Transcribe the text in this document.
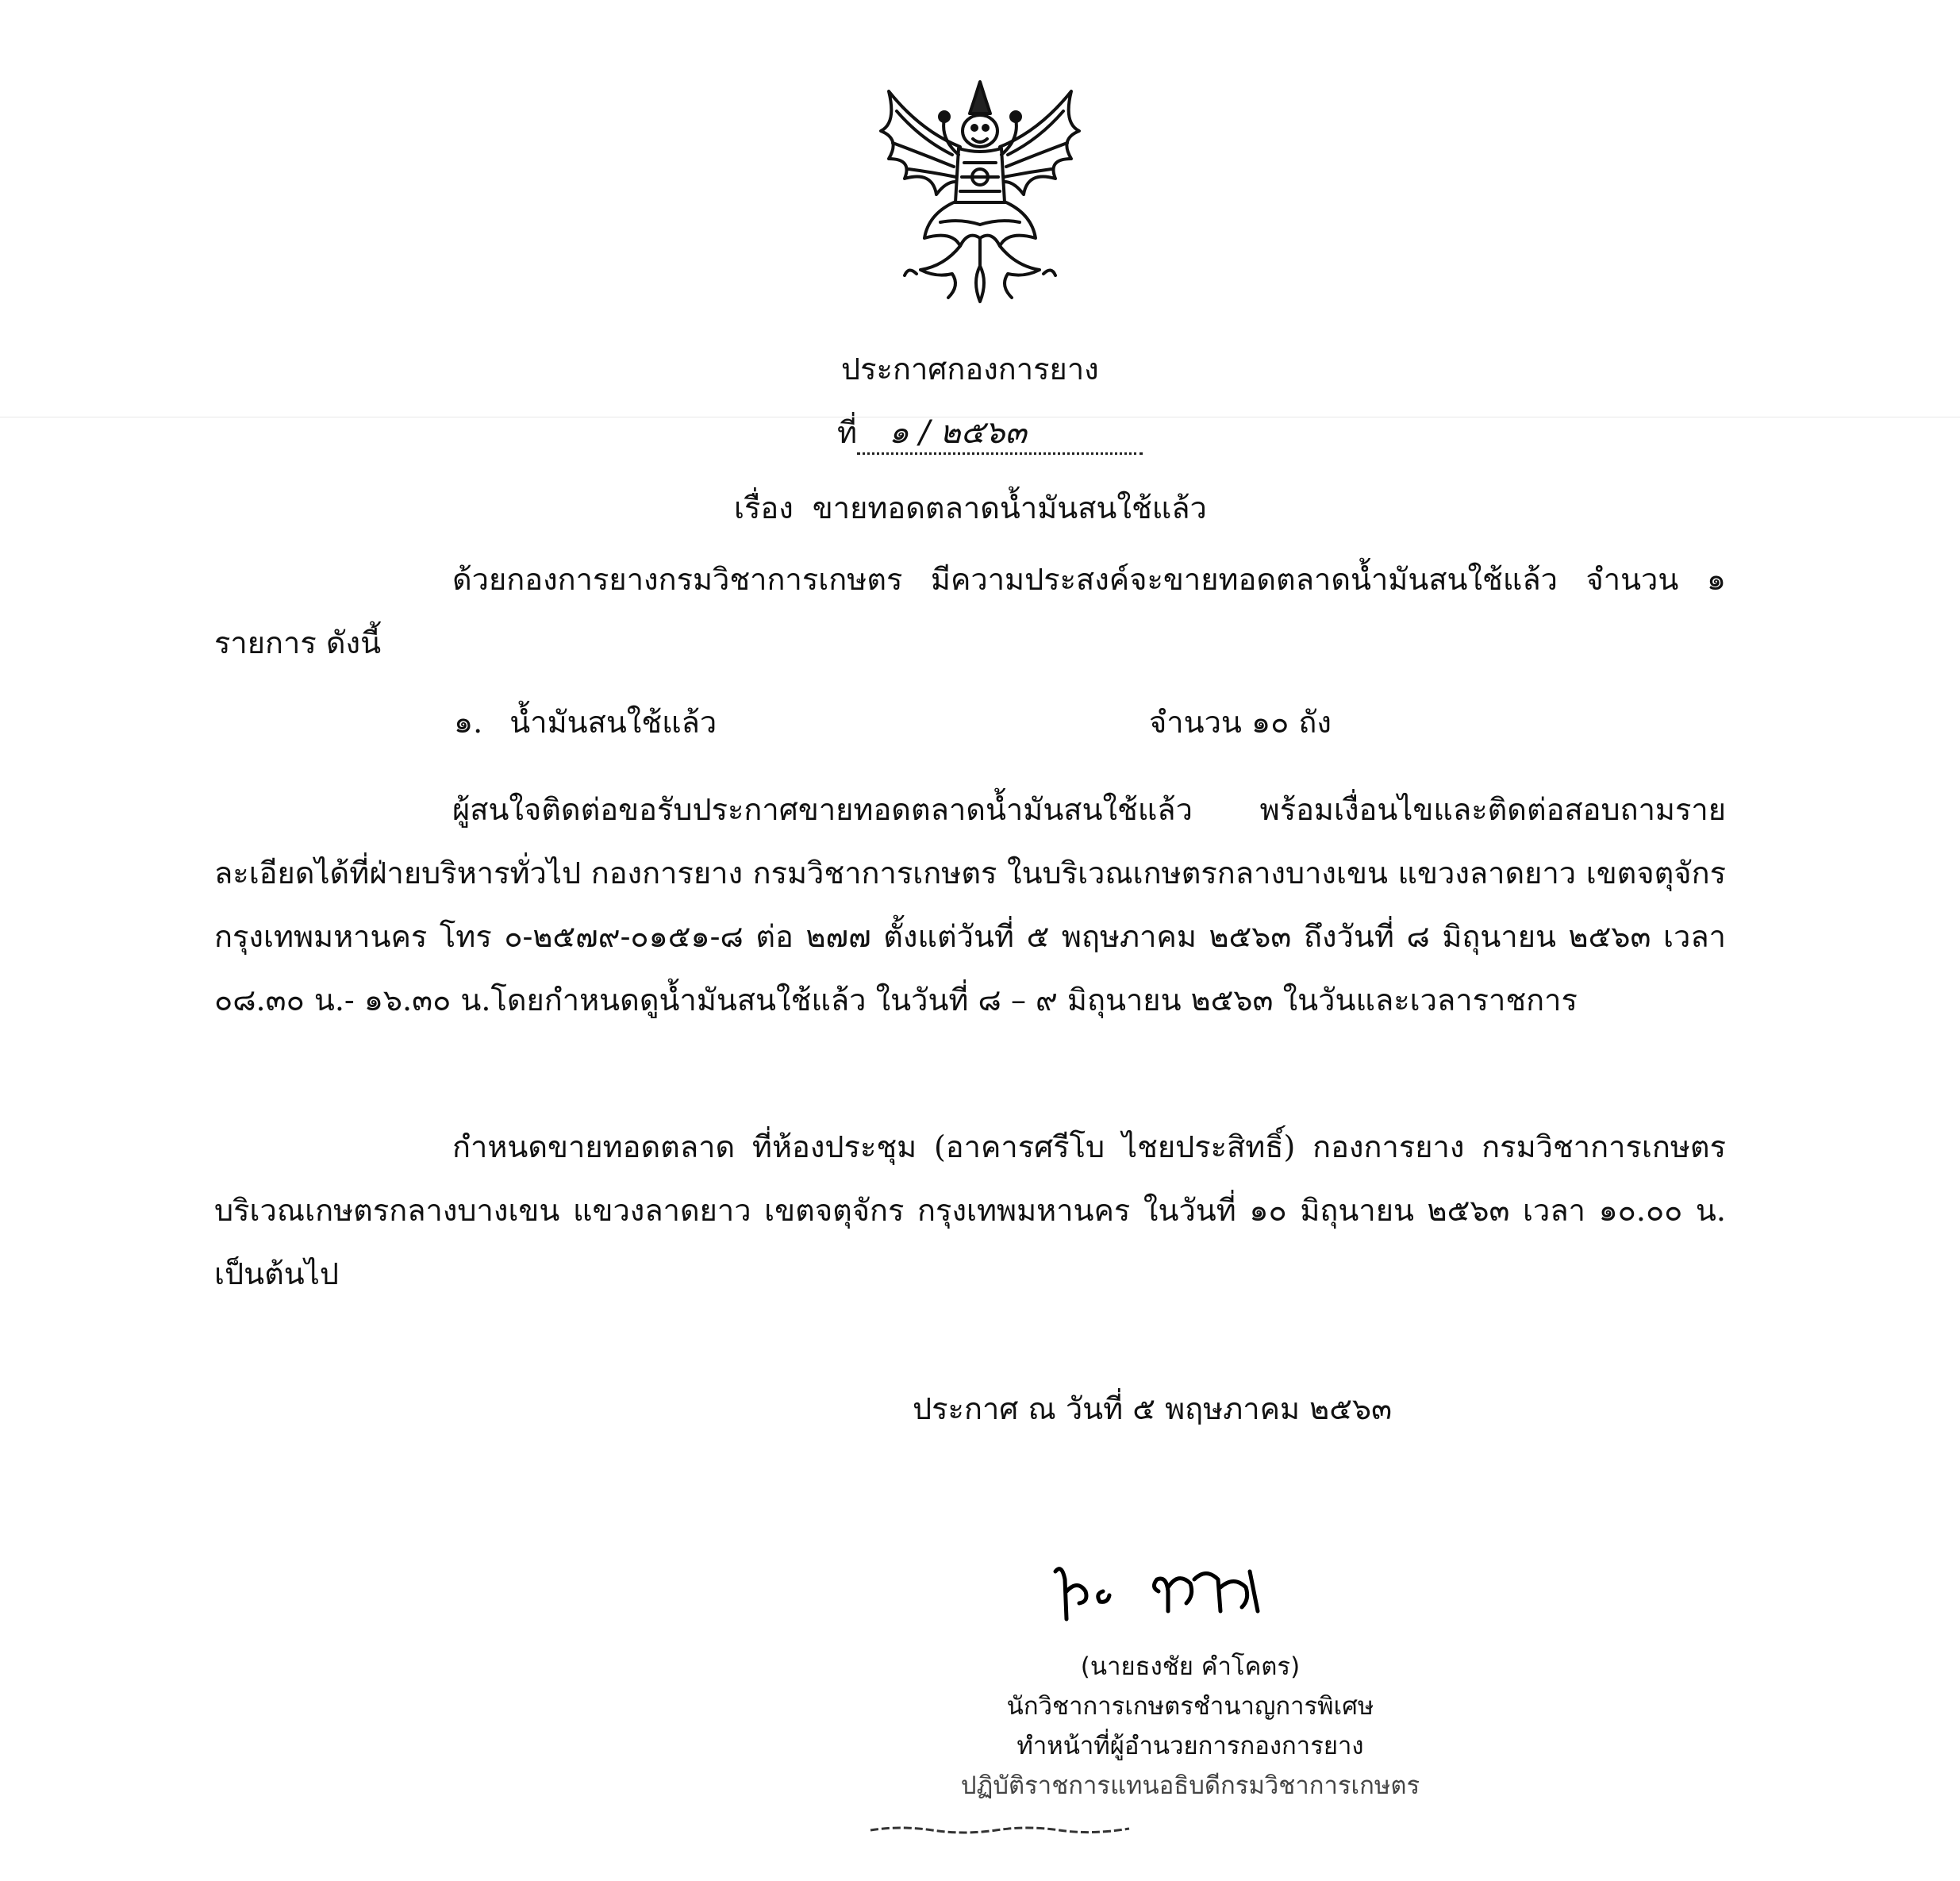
ประกาศกองการยาง
ที่ ๑ / ๒๕๖๓
เรื่อง ขายทอดตลาดน้ำมันสนใช้แล้ว
ด้วยกองการยางกรมวิชาการเกษตร มีความประสงค์จะขายทอดตลาดน้ำมันสนใช้แล้ว จำนวน ๑ รายการ ดังนี้
๑. น้ำมันสนใช้แล้ว	จำนวน ๑๐ ถัง
ผู้สนใจติดต่อขอรับประกาศขายทอดตลาดน้ำมันสนใช้แล้ว พร้อมเงื่อนไขและติดต่อสอบถามรายละเอียดได้ที่ฝ่ายบริหารทั่วไป กองการยาง กรมวิชาการเกษตร ในบริเวณเกษตรกลางบางเขน แขวงลาดยาว เขตจตุจักร กรุงเทพมหานคร โทร ๐-๒๕๗๙-๐๑๕๑-๘ ต่อ ๒๗๗ ตั้งแต่วันที่ ๕ พฤษภาคม ๒๕๖๓ ถึงวันที่ ๘ มิถุนายน ๒๕๖๓ เวลา ๐๘.๓๐ น.- ๑๖.๓๐ น.โดยกำหนดดูน้ำมันสนใช้แล้ว ในวันที่ ๘ – ๙ มิถุนายน ๒๕๖๓ ในวันและเวลาราชการ
กำหนดขายทอดตลาด ที่ห้องประชุม (อาคารศรีโบ ไชยประสิทธิ์) กองการยาง กรมวิชาการเกษตร บริเวณเกษตรกลางบางเขน แขวงลาดยาว เขตจตุจักร กรุงเทพมหานคร ในวันที่ ๑๐ มิถุนายน ๒๕๖๓ เวลา ๑๐.๐๐ น. เป็นต้นไป
ประกาศ ณ วันที่ ๕ พฤษภาคม ๒๕๖๓
(นายธงชัย คำโคตร)
นักวิชาการเกษตรชำนาญการพิเศษ
ทำหน้าที่ผู้อำนวยการกองการยาง
ปฏิบัติราชการแทนอธิบดีกรมวิชาการเกษตร
